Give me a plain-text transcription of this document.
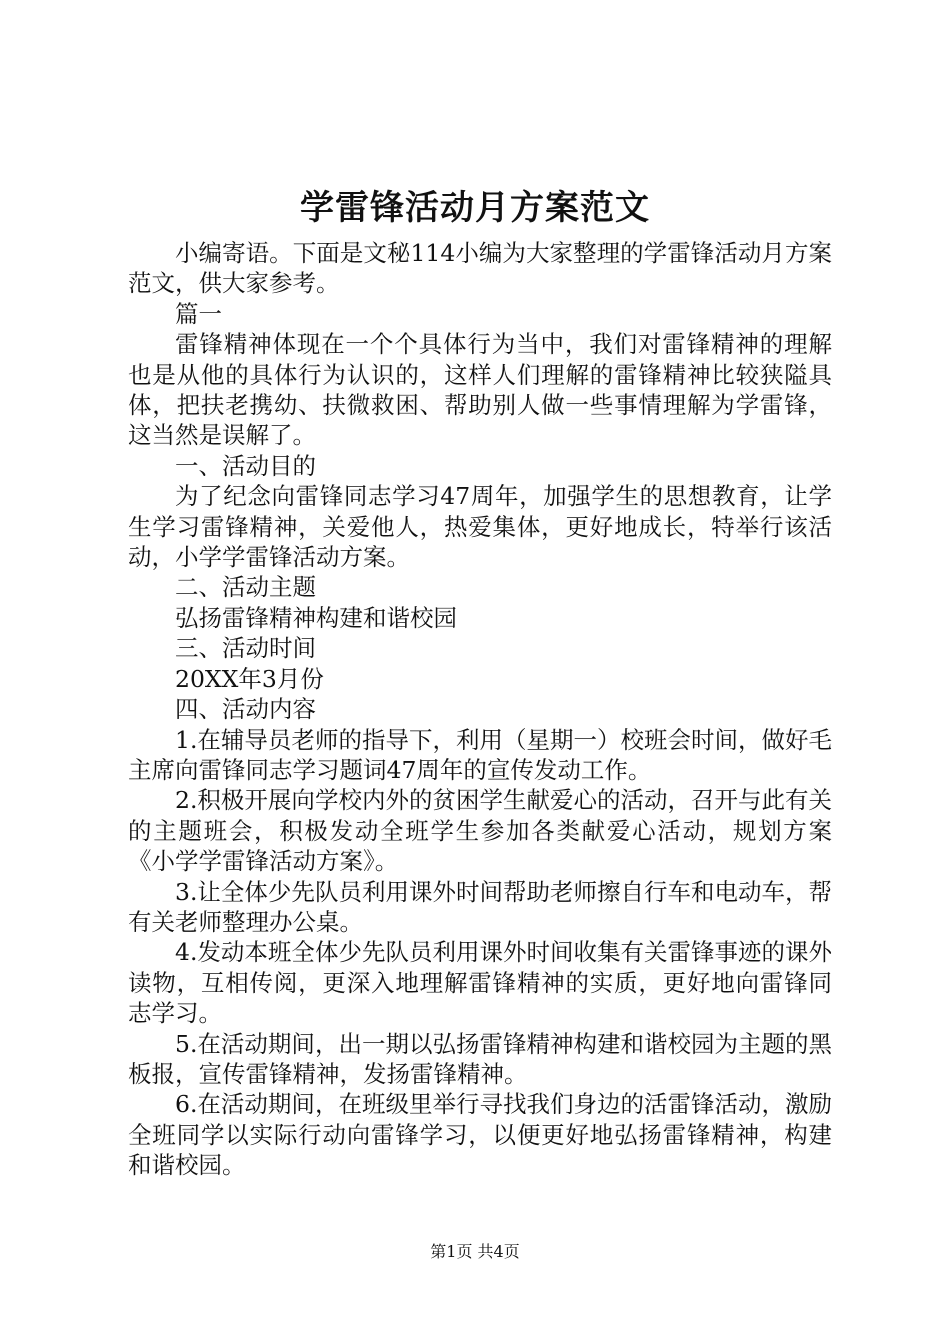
学雷锋活动月方案范文

小编寄语。下面是文秘114小编为大家整理的学雷锋活动月方案范文，供大家参考。

篇一

雷锋精神体现在一个个具体行为当中，我们对雷锋精神的理解也是从他的具体行为认识的，这样人们理解的雷锋精神比较狭隘具体，把扶老携幼、扶微救困、帮助别人做一些事情理解为学雷锋，这当然是误解了。

一、活动目的

为了纪念向雷锋同志学习47周年，加强学生的思想教育，让学生学习雷锋精神，关爱他人，热爱集体，更好地成长，特举行该活动，小学学雷锋活动方案。

二、活动主题

弘扬雷锋精神构建和谐校园

三、活动时间

20XX年3月份

四、活动内容

1.在辅导员老师的指导下，利用（星期一）校班会时间，做好毛主席向雷锋同志学习题词47周年的宣传发动工作。

2.积极开展向学校内外的贫困学生献爱心的活动，召开与此有关的主题班会，积极发动全班学生参加各类献爱心活动，规划方案《小学学雷锋活动方案》。

3.让全体少先队员利用课外时间帮助老师擦自行车和电动车，帮有关老师整理办公桌。

4.发动本班全体少先队员利用课外时间收集有关雷锋事迹的课外读物，互相传阅，更深入地理解雷锋精神的实质，更好地向雷锋同志学习。

5.在活动期间，出一期以弘扬雷锋精神构建和谐校园为主题的黑板报，宣传雷锋精神，发扬雷锋精神。

6.在活动期间，在班级里举行寻找我们身边的活雷锋活动，激励全班同学以实际行动向雷锋学习，以便更好地弘扬雷锋精神，构建和谐校园。

第1页 共4页
